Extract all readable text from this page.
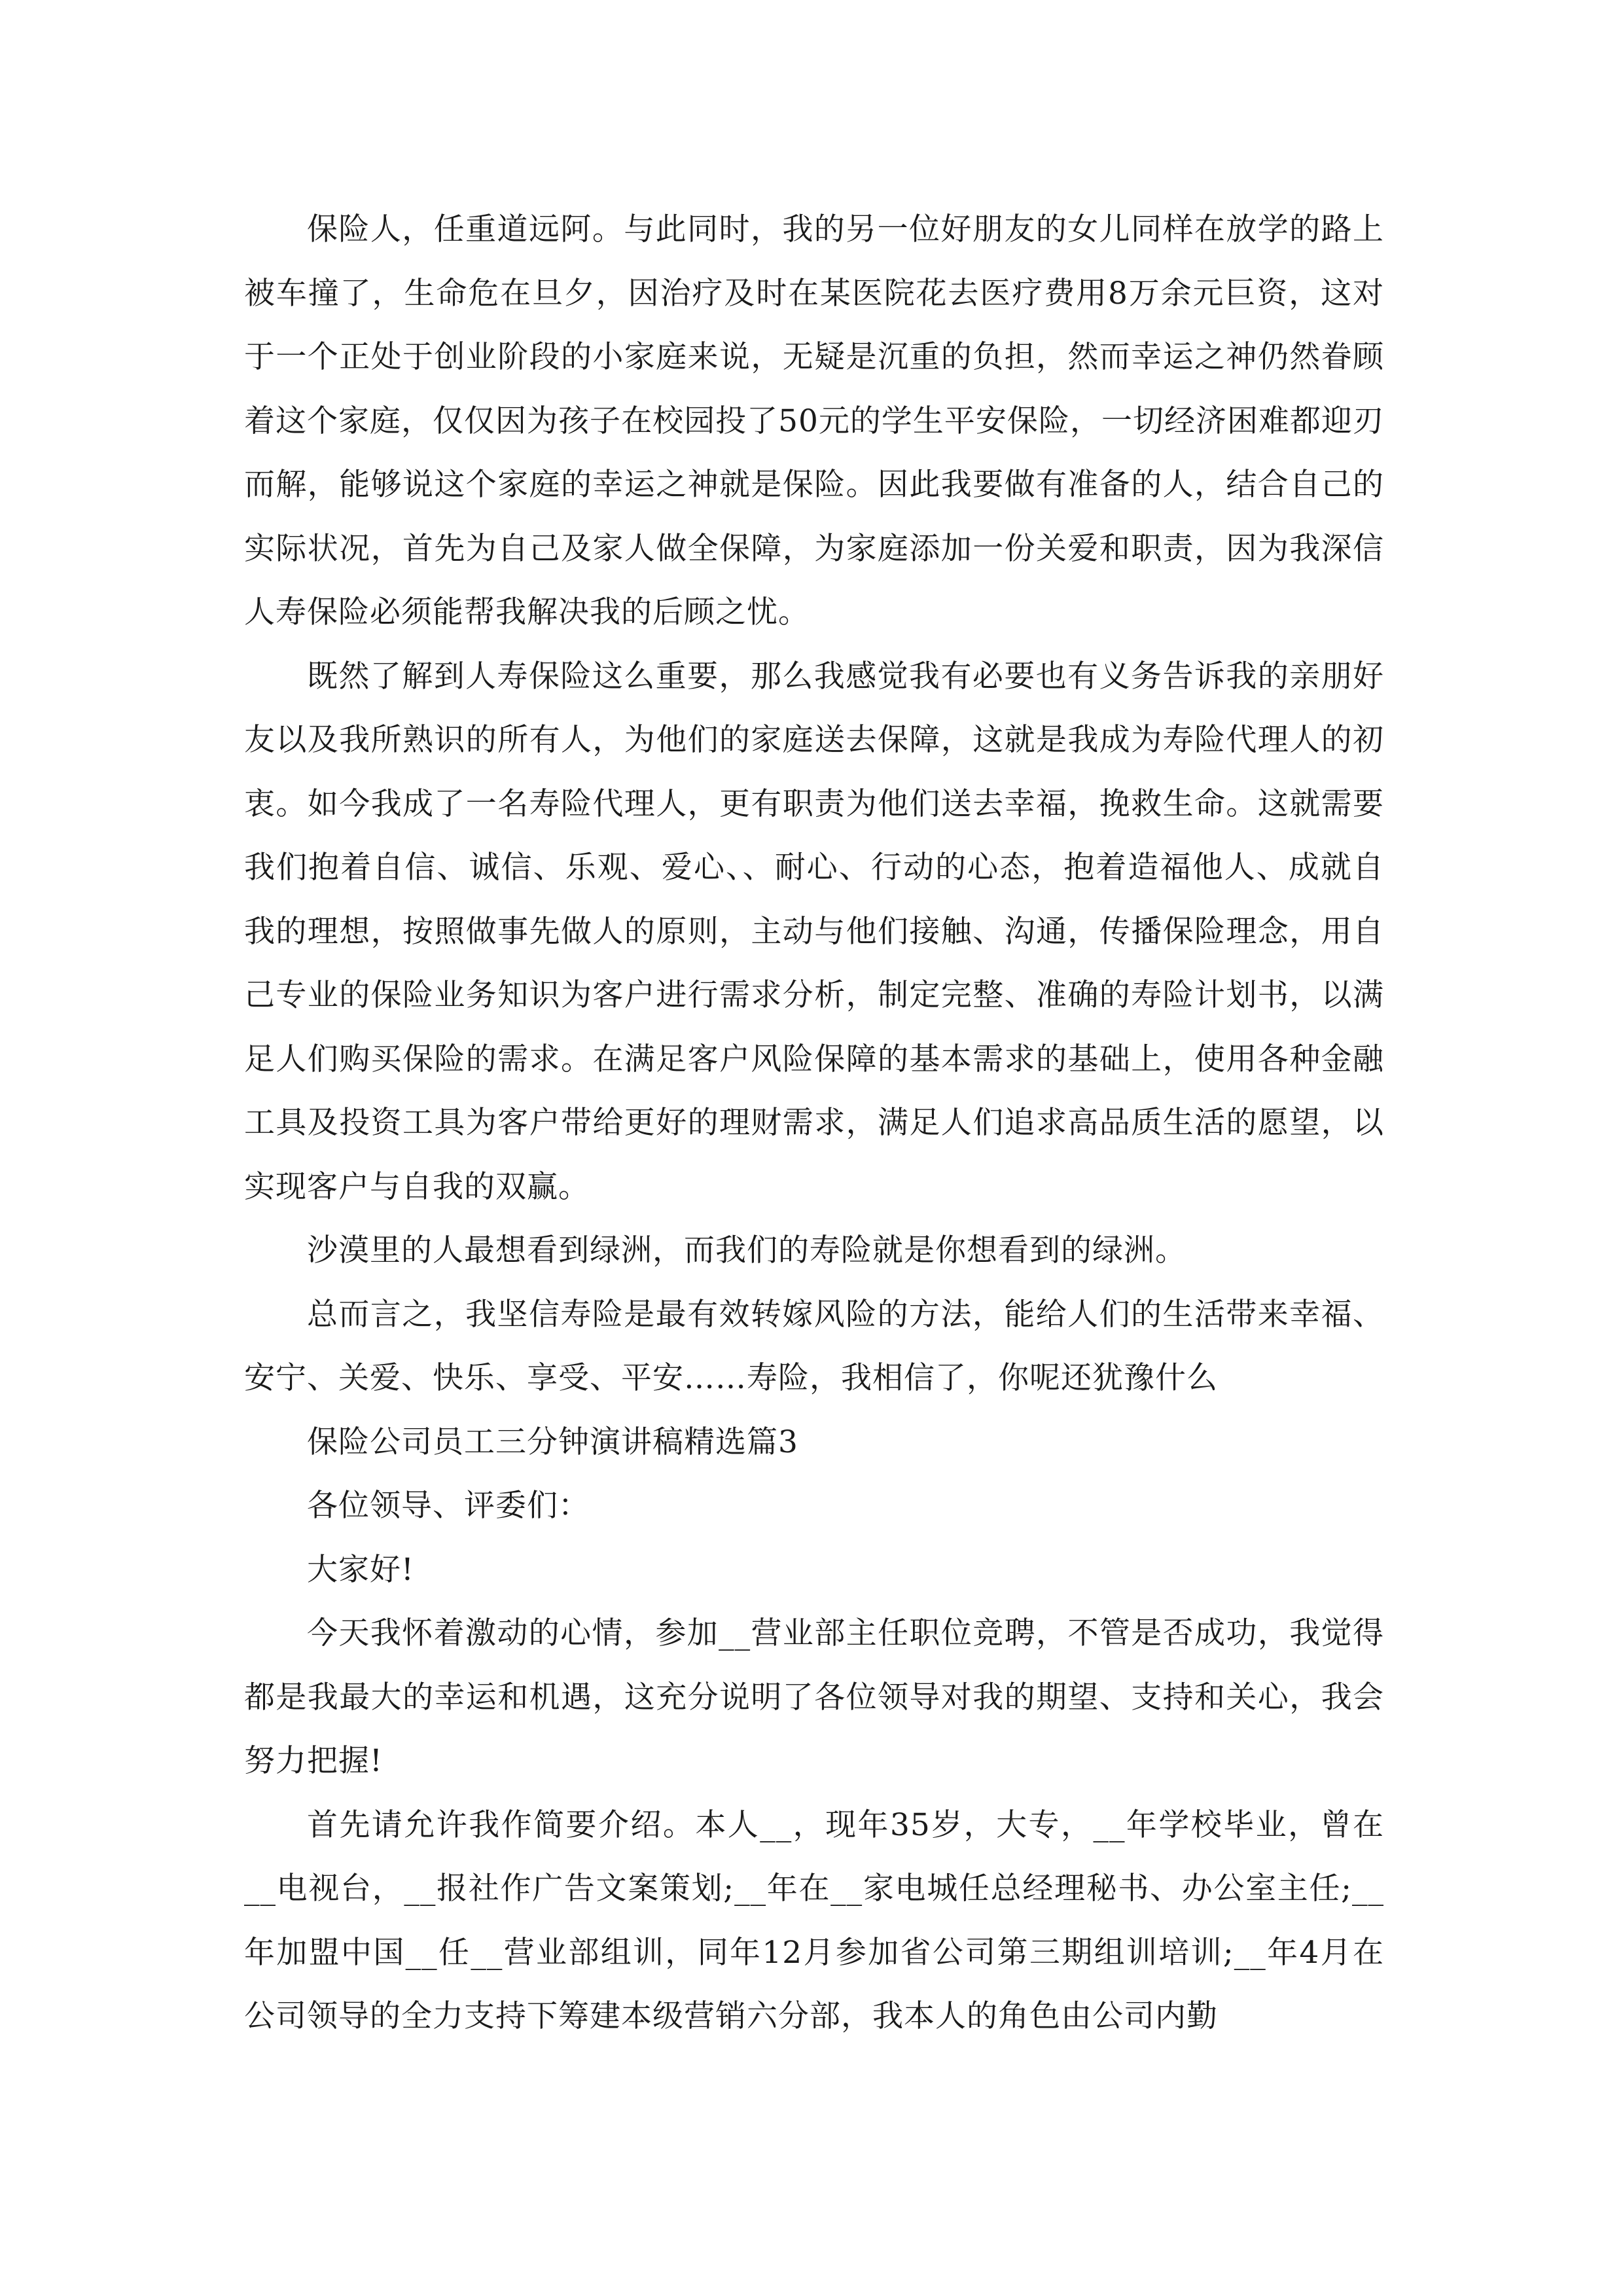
保险人，任重道远阿。与此同时，我的另一位好朋友的女儿同样在放学的路上被车撞了，生命危在旦夕，因治疗及时在某医院花去医疗费用8万余元巨资，这对于一个正处于创业阶段的小家庭来说，无疑是沉重的负担，然而幸运之神仍然眷顾着这个家庭，仅仅因为孩子在校园投了50元的学生平安保险，一切经济困难都迎刃而解，能够说这个家庭的幸运之神就是保险。因此我要做有准备的人，结合自己的实际状况，首先为自己及家人做全保障，为家庭添加一份关爱和职责，因为我深信人寿保险必须能帮我解决我的后顾之忧。

既然了解到人寿保险这么重要，那么我感觉我有必要也有义务告诉我的亲朋好友以及我所熟识的所有人，为他们的家庭送去保障，这就是我成为寿险代理人的初衷。如今我成了一名寿险代理人，更有职责为他们送去幸福，挽救生命。这就需要我们抱着自信、诚信、乐观、爱心、、耐心、行动的心态，抱着造福他人、成就自我的理想，按照做事先做人的原则，主动与他们接触、沟通，传播保险理念，用自己专业的保险业务知识为客户进行需求分析，制定完整、准确的寿险计划书，以满足人们购买保险的需求。在满足客户风险保障的基本需求的基础上，使用各种金融工具及投资工具为客户带给更好的理财需求，满足人们追求高品质生活的愿望，以实现客户与自我的双赢。

沙漠里的人最想看到绿洲，而我们的寿险就是你想看到的绿洲。

总而言之，我坚信寿险是最有效转嫁风险的方法，能给人们的生活带来幸福、安宁、关爱、快乐、享受、平安……寿险，我相信了，你呢还犹豫什么

保险公司员工三分钟演讲稿精选篇3

各位领导、评委们：

大家好!

今天我怀着激动的心情，参加__营业部主任职位竞聘，不管是否成功，我觉得都是我最大的幸运和机遇，这充分说明了各位领导对我的期望、支持和关心，我会努力把握!

首先请允许我作简要介绍。本人__，现年35岁，大专，__年学校毕业，曾在__电视台，__报社作广告文案策划;__年在__家电城任总经理秘书、办公室主任;__年加盟中国__任__营业部组训，同年12月参加省公司第三期组训培训;__年4月在公司领导的全力支持下筹建本级营销六分部，我本人的角色由公司内勤
